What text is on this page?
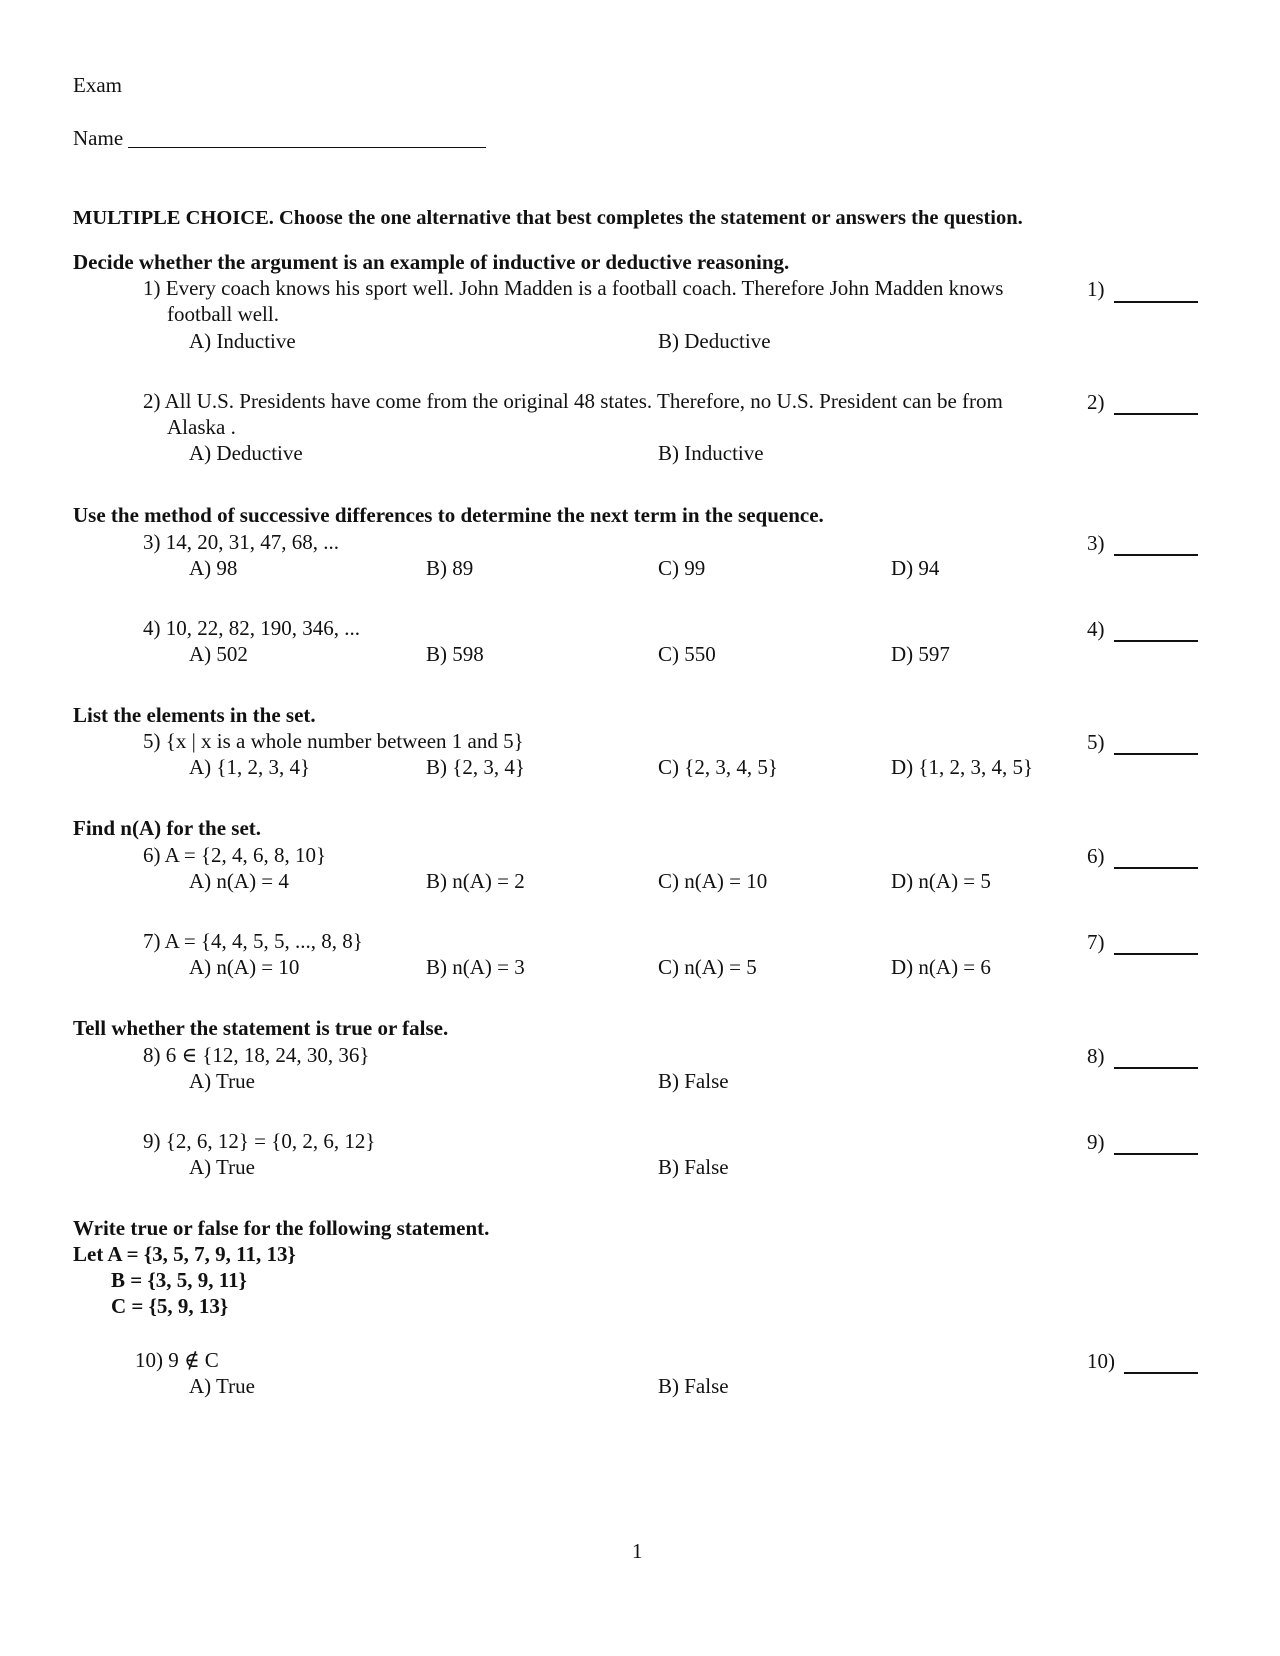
Exam
Name
MULTIPLE CHOICE. Choose the one alternative that best completes the statement or answers the question.
Decide whether the argument is an example of inductive or deductive reasoning.
1) Every coach knows his sport well. John Madden is a football coach. Therefore John Madden knows
football well.
A) Inductive	B) Deductive
1)
2) All U.S. Presidents have come from the original 48 states. Therefore, no U.S. President can be from
Alaska .
A) Deductive	B) Inductive
2)
Use the method of successive differences to determine the next term in the sequence.
3) 14, 20, 31, 47, 68, ...
A) 98	B) 89	C) 99	D) 94
3)
4) 10, 22, 82, 190, 346, ...
A) 502	B) 598	C) 550	D) 597
4)
List the elements in the set.
5) {x | x is a whole number between 1 and 5}
A) {1, 2, 3, 4}	B) {2, 3, 4}	C) {2, 3, 4, 5}	D) {1, 2, 3, 4, 5}
5)
Find n(A) for the set.
6) A = {2, 4, 6, 8, 10}
A) n(A) = 4	B) n(A) = 2	C) n(A) = 10	D) n(A) = 5
6)
7) A = {4, 4, 5, 5, ..., 8, 8}
A) n(A) = 10	B) n(A) = 3	C) n(A) = 5	D) n(A) = 6
7)
Tell whether the statement is true or false.
8) 6 ∈ {12, 18, 24, 30, 36}
A) True	B) False
8)
9) {2, 6, 12} = {0, 2, 6, 12}
A) True	B) False
9)
Write true or false for the following statement.
Let A = {3, 5, 7, 9, 11, 13}
B = {3, 5, 9, 11}
C = {5, 9, 13}
10) 9 ∉ C
A) True	B) False
10)
1
